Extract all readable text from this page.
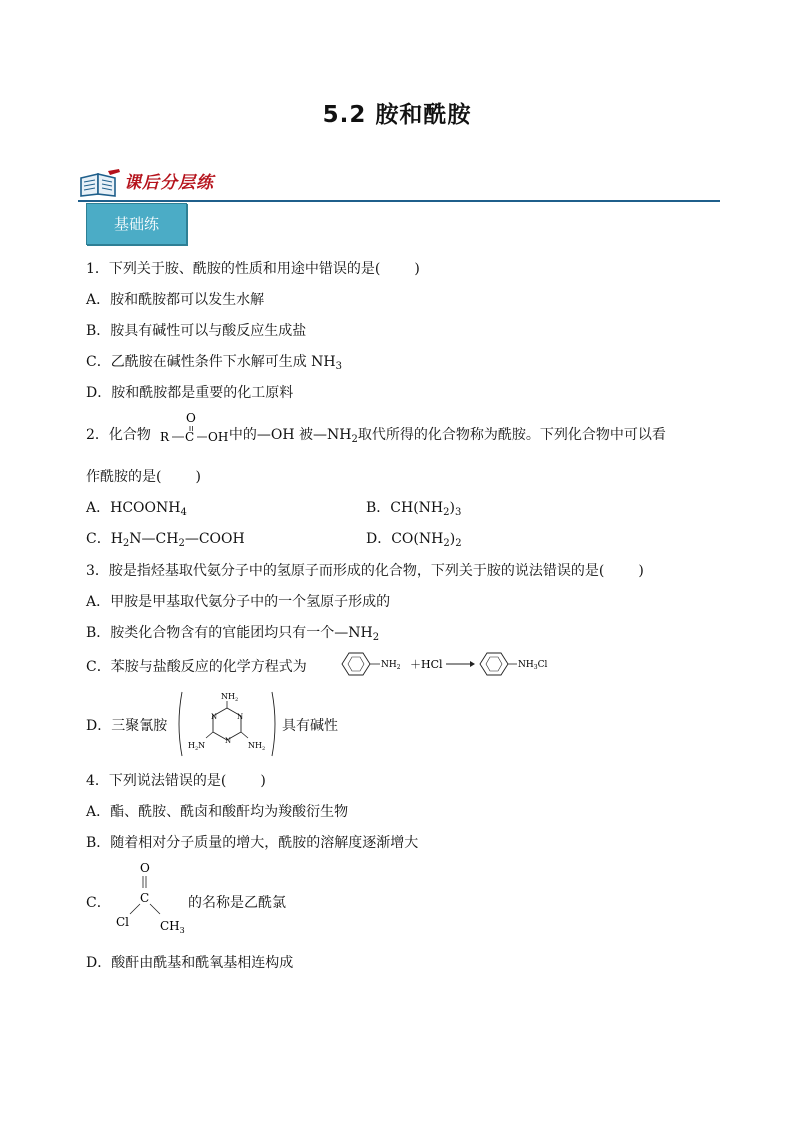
5.2 胺和酰胺
课后分层练
基础练
1．下列关于胺、酰胺的性质和用途中错误的是( )
A．胺和酰胺都可以发生水解
B．胺具有碱性可以与酸反应生成盐
C．乙酰胺在碱性条件下水解可生成 $NH_3$
D．胺和酰胺都是重要的化工原料
2．化合物	中的—OH 被$—NH_2$取代所得的化合物称为酰胺。下列化合物中可以看
R C
O
OH
作酰胺的是( )
A．$HCOONH_4$	B．$CH(NH_2)_3$
C．$H_2N—CH_2—COOH$	D．$CO(NH_2)_2$
3．胺是指烃基取代氨分子中的氢原子而形成的化合物，下列关于胺的说法错误的是( )
A．甲胺是甲基取代氨分子中的一个氢原子形成的
B．胺类化合物含有的官能团均只有一个$—NH_2$
C．苯胺与盐酸反应的化学方程式为	$NH_2 +HCl$	$NH_3Cl$
D．三聚氰胺
$NH_2$
$H_2N$	$NH_2$
N
N
N
具有碱性
4．下列说法错误的是( )
A．酯、酰胺、酰卤和酸酐均为羧酸衍生物
B．随着相对分子质量的增大，酰胺的溶解度逐渐增大
C．
O
C
Cl	$CH_3$
的名称是乙酰氯
D．酸酐由酰基和酰氧基相连构成
